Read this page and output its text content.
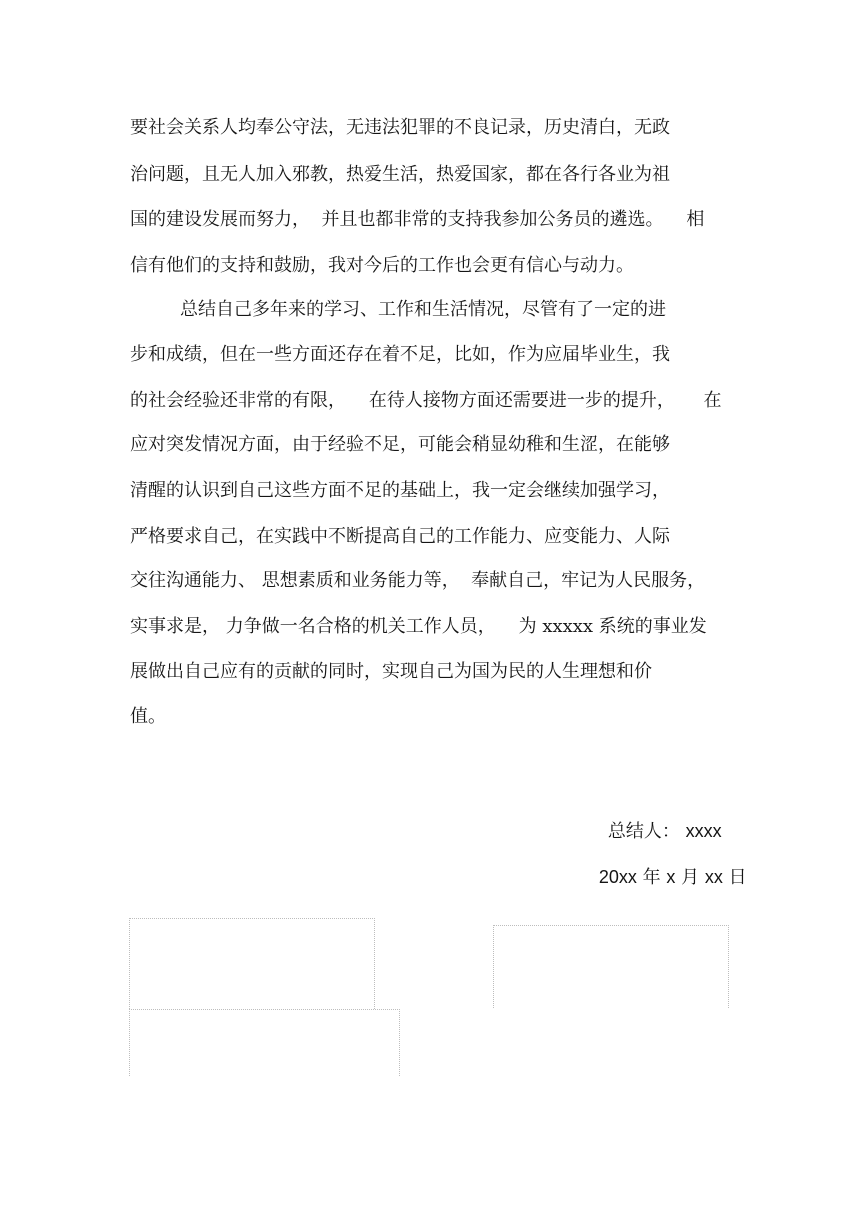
要社会关系人均奉公守法，无违法犯罪的不良记录，历史清白，无政
治问题，且无人加入邪教，热爱生活，热爱国家，都在各行各业为祖
国的建设发展而努力，  并且也都非常的支持我参加公务员的遴选。    相
信有他们的支持和鼓励，我对今后的工作也会更有信心与动力。
总结自己多年来的学习、工作和生活情况，尽管有了一定的进
步和成绩，但在一些方面还存在着不足，比如，作为应届毕业生，我
的社会经验还非常的有限，    在待人接物方面还需要进一步的提升，     在
应对突发情况方面，由于经验不足，可能会稍显幼稚和生涩，在能够
清醒的认识到自己这些方面不足的基础上，我一定会继续加强学习，
严格要求自己，在实践中不断提高自己的工作能力、应变能力、人际
交往沟通能力、 思想素质和业务能力等，  奉献自己，牢记为人民服务，
实事求是， 力争做一名合格的机关工作人员，    为 xxxxx 系统的事业发
展做出自己应有的贡献的同时，实现自己为国为民的人生理想和价
值。

总结人： xxxx

20xx 年 x 月 xx 日
